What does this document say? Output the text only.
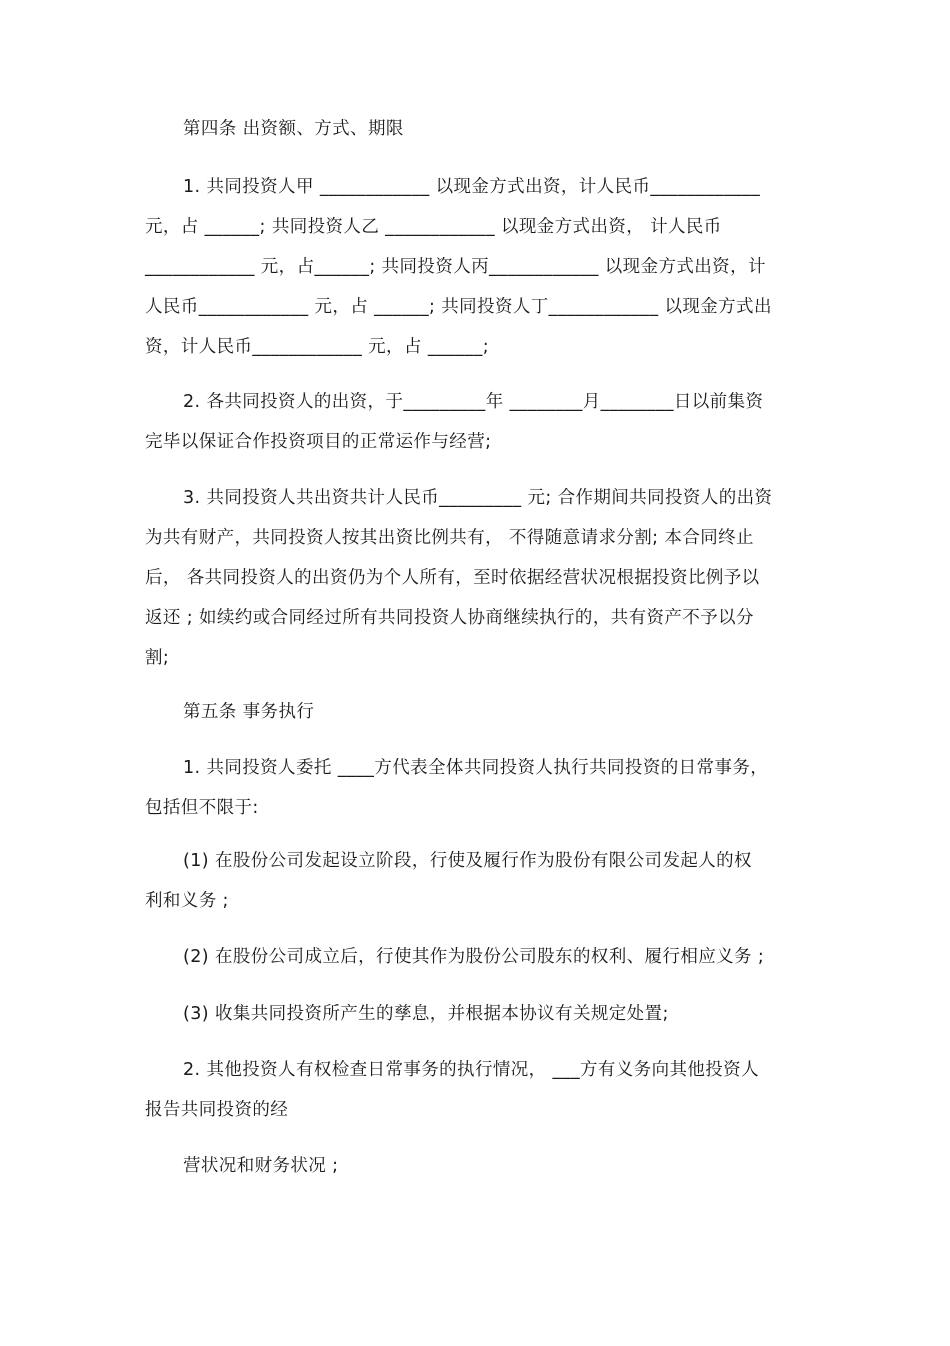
第四条 出资额、方式、期限

1. 共同投资人甲 ____________ 以现金方式出资，计人民币____________
元，占 ______; 共同投资人乙 ____________ 以现金方式出资， 计人民币
____________ 元，占______; 共同投资人丙____________ 以现金方式出资，计
人民币____________ 元，占 ______; 共同投资人丁____________ 以现金方式出
资，计人民币____________ 元，占 ______;

2. 各共同投资人的出资，于_________年 ________月________日以前集资
完毕以保证合作投资项目的正常运作与经营;

3. 共同投资人共出资共计人民币_________ 元; 合作期间共同投资人的出资
为共有财产，共同投资人按其出资比例共有， 不得随意请求分割; 本合同终止
后， 各共同投资人的出资仍为个人所有，至时依据经营状况根据投资比例予以
返还 ; 如续约或合同经过所有共同投资人协商继续执行的，共有资产不予以分
割;

第五条 事务执行

1. 共同投资人委托 ____方代表全体共同投资人执行共同投资的日常事务，
包括但不限于:

(1) 在股份公司发起设立阶段，行使及履行作为股份有限公司发起人的权
利和义务 ;

(2) 在股份公司成立后，行使其作为股份公司股东的权利、履行相应义务 ;

(3) 收集共同投资所产生的孳息，并根据本协议有关规定处置;

2. 其他投资人有权检查日常事务的执行情况， ___方有义务向其他投资人
报告共同投资的经

营状况和财务状况 ;
